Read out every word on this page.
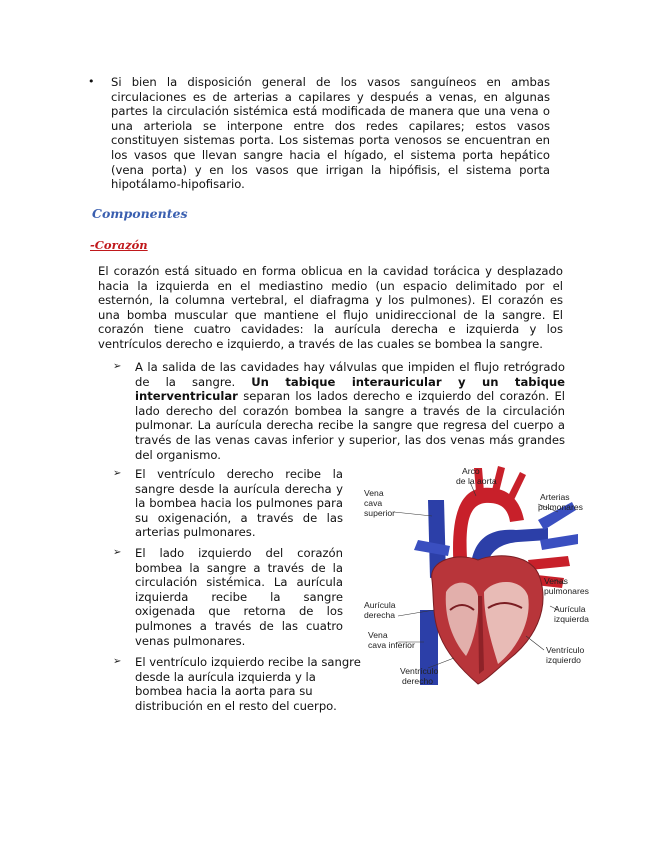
• Si bien la disposición general de los vasos sanguíneos en ambas circulaciones es de arterias a capilares y después a venas, en algunas partes la circulación sistémica está modificada de manera que una vena o una arteriola se interpone entre dos redes capilares; estos vasos constituyen sistemas porta. Los sistemas porta venosos se encuentran en los vasos que llevan sangre hacia el hígado, el sistema porta hepático (vena porta) y en los vasos que irrigan la hipófisis, el sistema porta hipotálamo-hipofisario.

Componentes
-Corazón

El corazón está situado en forma oblicua en la cavidad torácica y desplazado hacia la izquierda en el mediastino medio (un espacio delimitado por el esternón, la columna vertebral, el diafragma y los pulmones). El corazón es una bomba muscular que mantiene el flujo unidireccional de la sangre. El corazón tiene cuatro cavidades: la aurícula derecha e izquierda y los ventrículos derecho e izquierdo, a través de las cuales se bombea la sangre.

➢ A la salida de las cavidades hay válvulas que impiden el flujo retrógrado de la sangre. Un tabique interauricular y un tabique interventricular separan los lados derecho e izquierdo del corazón. El lado derecho del corazón bombea la sangre a través de la circulación pulmonar. La aurícula derecha recibe la sangre que regresa del cuerpo a través de las venas cavas inferior y superior, las dos venas más grandes del organismo.

➢ El ventrículo derecho recibe la sangre desde la aurícula derecha y la bombea hacia los pulmones para su oxigenación, a través de las arterias pulmonares.

➢ El lado izquierdo del corazón bombea la sangre a través de la circulación sistémica. La aurícula izquierda recibe la sangre oxigenada que retorna de los pulmones a través de las cuatro venas pulmonares.

➢ El ventrículo izquierdo recibe la sangre desde la aurícula izquierda y la bombea hacia la aorta para su distribución en el resto del cuerpo.

Arco de la aorta
Vena cava superior
Arterias pulmonares
Venas pulmonares
Aurícula izquierda
Aurícula derecha
Vena cava inferior	Ventrículo izquierdo
Ventrículo derecho
